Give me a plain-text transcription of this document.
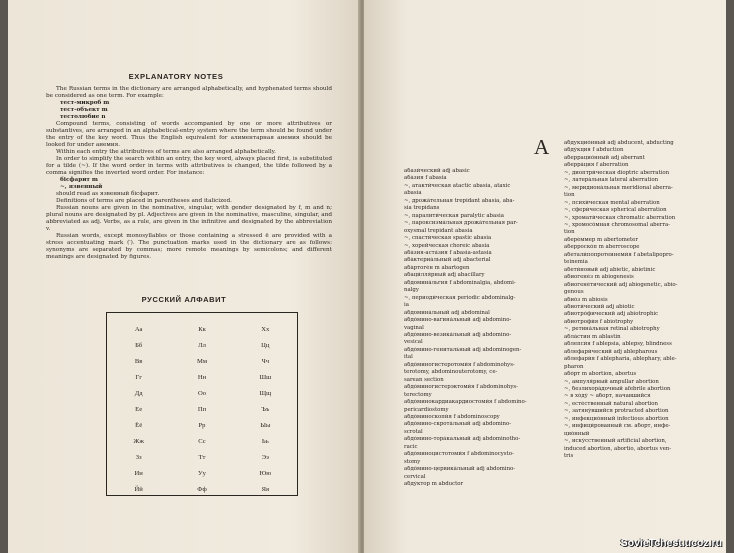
EXPLANATORY NOTES

The Russian terms in the dictionary are arranged alphabetically, and hyphenated terms should be considered as one term. For example:

тест-микроб m

тест-объект m

тестолюбие n

Compound terms, consisting of words accompanied by one or more attributives or substantives, are arranged in an alphabetical-entry system where the term should be found under the entry of the key word. Thus the English equivalent for алиментарная анемия should be looked for under анемия.

Within each entry the attributives of terms are also arranged alphabetically.

In order to simplify the search within an entry, the key word, always placed first, is substituted for a tilde (~). If the word order in terms with attributives is changed, the tilde followed by a comma signifies the inverted word order. For instance:

бісфарит m

~, язвенный

should read as язвенный бісфарит.

Definitions of terms are placed in parentheses and italicized.

Russian nouns are given in the nominative, singular, with gender designated by f, m and n; plural nouns are designated by pl. Adjectives are given in the nominative, masculine, singular, and abbreviated as adj. Verbs, as a rule, are given in the infinitive and designated by the abbreviation v.

Russian words, except monosyllables or those containing a stressed ё are provided with a stress accentuating mark (′). The punctuation marks used in the dictionary are as follows: synonyms are separated by commas; more remote meanings by semicolons; and different meanings are designated by figures.

РУССКИЙ АЛФАВИТ
Аа	Кк	Хх
Бб	Лл	Цц
Вв	Мм	Чч
Гг	Нн	Шш
Дд	Оо	Щщ
Ее	Пп	Ъъ
Ёё	Рр	Ыы
Жж	Сс	Ьь
Зз	Тт	Ээ
Ии	Уу	Юю
Йй	Фф	Яя
A
абази́ческий adj abasic
аба́зия f abasia
~, атакти́ческая atactic abasia, ataxic
abasia
~, дрожа́тельная trepidant abasia, aba-
sia trepidans
~, паралити́ческая paralytic abasia
~, пароксизма́льная дрожа́тельная par-
oxysmal trepidant abasia
~, спасти́ческая spastic abasia
~, хорейческая choreic abasia
аба́зия-аста́зия f abasia-astasia
аба́ктериа́льный adj abacterial
аба́ртоге́н m abartogen
абаци́лля́рный adj abacillary
абдомина́льгия f abdominalgia, abdomi-
nalgy
~, периоди́ческая periodic abdominalg-
ia
абдомина́льный adj abdominal
абдо́мино-вагина́льный adj abdomino-
vaginal
абдо́мино-везика́льный adj abdomino-
vesical
абдо́мино-гениталь́ный adj abdominogen-
ital
абдо́миногистеротоми́я f abdominohys-
terotomy, abdominouterotomy, ce-
sarean section
абдо́миногистерэктоми́я f abdominohys-
terectomy
абдо́минокардиакардиостоми́я f abdomino-
pericardiostomy
абдо́миноскопи́я f abdominoscopy
абдо́мино-скрота́льный adj abdomino-
scrotal
абдо́мино-тора́кальный adj abdominotho-
racic
абдо́миноцистотоми́я f abdominocysto-
stomy
абдо́мино-цервика́льный adj abdomino-
cervical
абду́ктор m abductor
абдукцио́нный adj abducent, abducting
абду́кция f abduction
аберрацио́нный adj aberrant
аберра́ция f aberration
~, диоптри́ческая dioptric aberration
~, латера́льная lateral aberration
~, меридиона́льная meridional aberra-
tion
~, психи́ческая mental aberration
~, сфери́ческая spherical aberration
~, хромати́ческая chromatic aberration
~, хромосо́мная chromosomal aberra-
tion
абере́ммер m abertometer
аберроско́п m aberroscope
абетали́попротеинеми́я f abetalipopro-
teinemia
абети́новый adj abietic, abietinic
абиогене́з m abiogenesis
абиогене́тический adj abiogenetic, abio-
genous
абио́з m abiosis
абиоти́ческий adj abiotic
абиотро́фический adj abiotrophic
абиотрофи́я f abiotrophy
~, ретина́льная retinal abiotrophy
абла́стин m ablastin
аблепси́я f ablepsia, ablepsy, blindness
аблефари́ческий adj ablepharous
аблефари́я f ablepharia, ablephary, able-
pharon
або́рт m abortion, abortus
~, ампуля́рный ampullar abortion
~, безлихора́дочный afebrile abortion
~ в хо́ду́ ~ аборт, начавшийся
~, есте́ственный natural abortion
~, затяну́вшийся protracted abortion
~, инфекцио́нный infectious abortion
~, инфици́рованный см. аборт, инфе-
цио́нный
~, иску́сственный artificial abortion,
induced abortion, abortio, abortus ven-
tris
SovieTchest.ucoz.ru
